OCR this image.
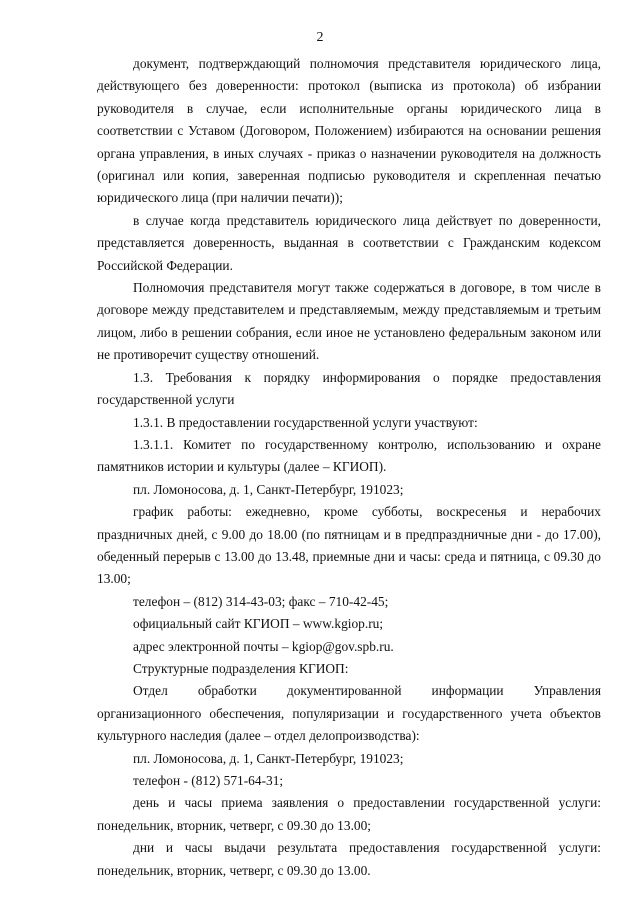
2

документ, подтверждающий полномочия представителя юридического лица, действующего без доверенности: протокол (выписка из протокола) об избрании руководителя в случае, если исполнительные органы юридического лица в соответствии с Уставом (Договором, Положением) избираются на основании решения органа управления, в иных случаях - приказ о назначении руководителя на должность (оригинал или копия, заверенная подписью руководителя и скрепленная печатью юридического лица (при наличии печати));

в случае когда представитель юридического лица действует по доверенности, представляется доверенность, выданная в соответствии с Гражданским кодексом Российской Федерации.

Полномочия представителя могут также содержаться в договоре, в том числе в договоре между представителем и представляемым, между представляемым и третьим лицом, либо в решении собрания, если иное не установлено федеральным законом или не противоречит существу отношений.

1.3. Требования к порядку информирования о порядке предоставления государственной услуги

1.3.1. В предоставлении государственной услуги участвуют:

1.3.1.1. Комитет по государственному контролю, использованию и охране памятников истории и культуры (далее – КГИОП).

пл. Ломоносова, д. 1, Санкт-Петербург, 191023;

график работы: ежедневно, кроме субботы, воскресенья и нерабочих праздничных дней, с 9.00 до 18.00 (по пятницам и в предпраздничные дни - до 17.00), обеденный перерыв с 13.00 до 13.48, приемные дни и часы: среда и пятница, с 09.30 до 13.00;

телефон – (812) 314-43-03; факс – 710-42-45;

официальный сайт КГИОП – www.kgiop.ru;

адрес электронной почты – kgiop@gov.spb.ru.

Структурные подразделения КГИОП:

Отдел обработки документированной информации Управления организационного обеспечения, популяризации и государственного учета объектов культурного наследия (далее – отдел делопроизводства):

пл. Ломоносова, д. 1, Санкт-Петербург, 191023;

телефон - (812) 571-64-31;

день и часы приема заявления о предоставлении государственной услуги: понедельник, вторник, четверг, с 09.30 до 13.00;

дни и часы выдачи результата предоставления государственной услуги: понедельник, вторник, четверг, с 09.30 до 13.00.
